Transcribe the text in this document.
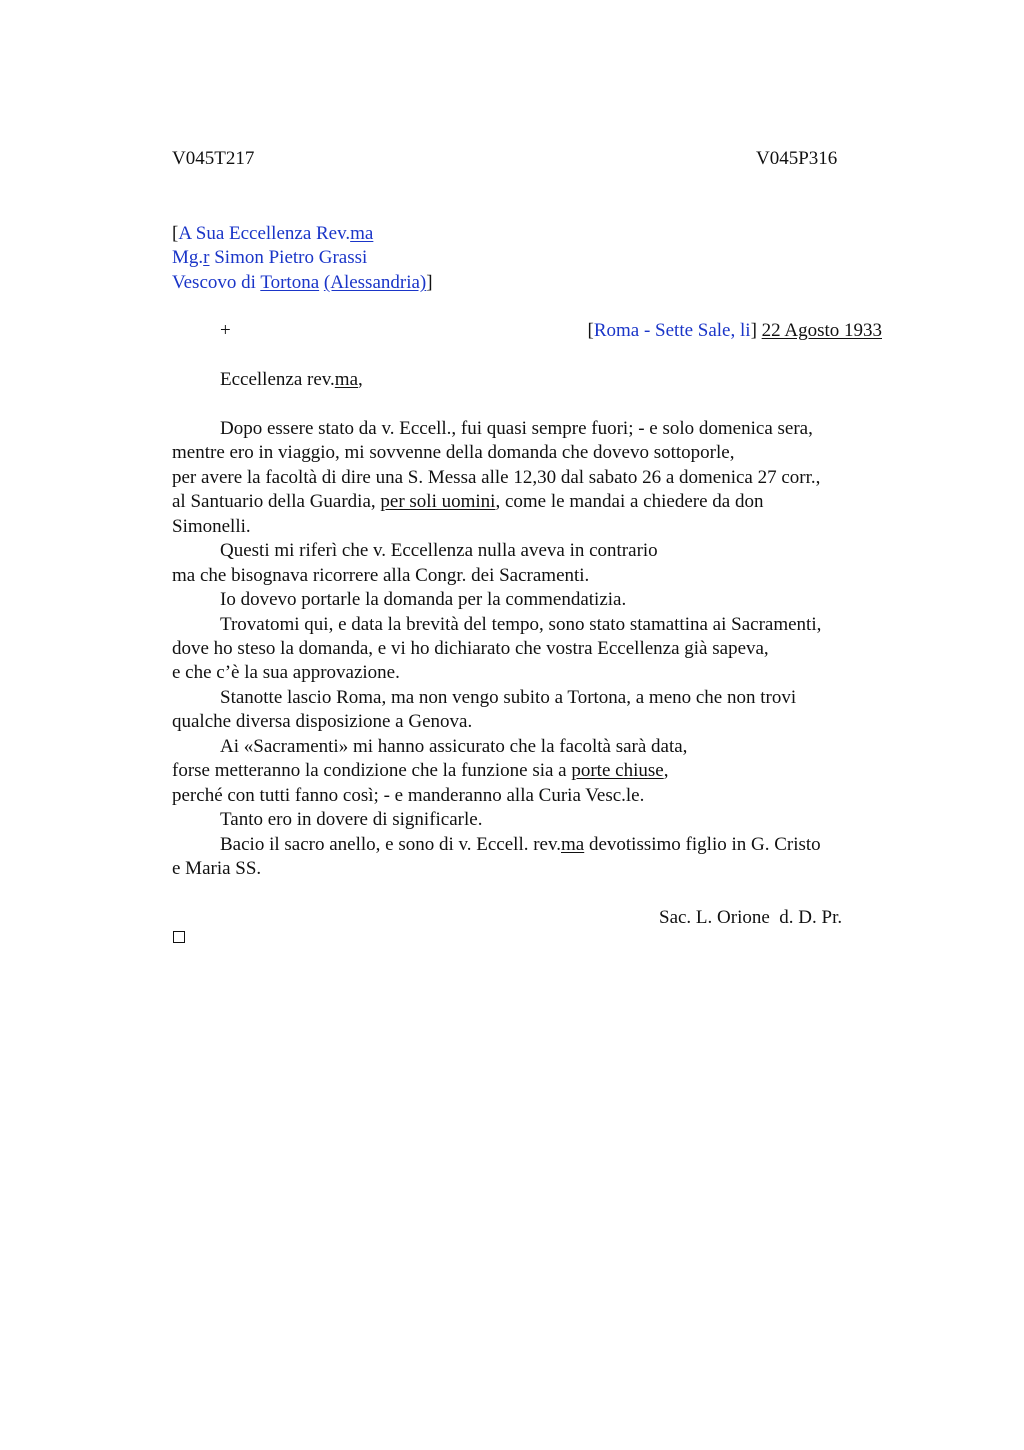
V045T217	V045P316
[A Sua Eccellenza Rev.ma
Mg.r Simon Pietro Grassi
Vescovo di Tortona (Alessandria)]
+	[Roma - Sette Sale, li] 22 Agosto 1933
Eccellenza rev.ma,
Dopo essere stato da v. Eccell., fui quasi sempre fuori; - e solo domenica sera,
mentre ero in viaggio, mi sovvenne della domanda che dovevo sottoporle,
per avere la facoltà di dire una S. Messa alle 12,30 dal sabato 26 a domenica 27 corr.,
al Santuario della Guardia, per soli uomini, come le mandai a chiedere da don
Simonelli.
Questi mi riferì che v. Eccellenza nulla aveva in contrario
ma che bisognava ricorrere alla Congr. dei Sacramenti.
Io dovevo portarle la domanda per la commendatizia.
Trovatomi qui, e data la brevità del tempo, sono stato stamattina ai Sacramenti,
dove ho steso la domanda, e vi ho dichiarato che vostra Eccellenza già sapeva,
e che c’è la sua approvazione.
Stanotte lascio Roma, ma non vengo subito a Tortona, a meno che non trovi
qualche diversa disposizione a Genova.
Ai «Sacramenti» mi hanno assicurato che la facoltà sarà data,
forse metteranno la condizione che la funzione sia a porte chiuse,
perché con tutti fanno così; - e manderanno alla Curia Vesc.le.
Tanto ero in dovere di significarle.
Bacio il sacro anello, e sono di v. Eccell. rev.ma devotissimo figlio in G. Cristo
e Maria SS.
Sac. L. Orione  d. D. Pr.
